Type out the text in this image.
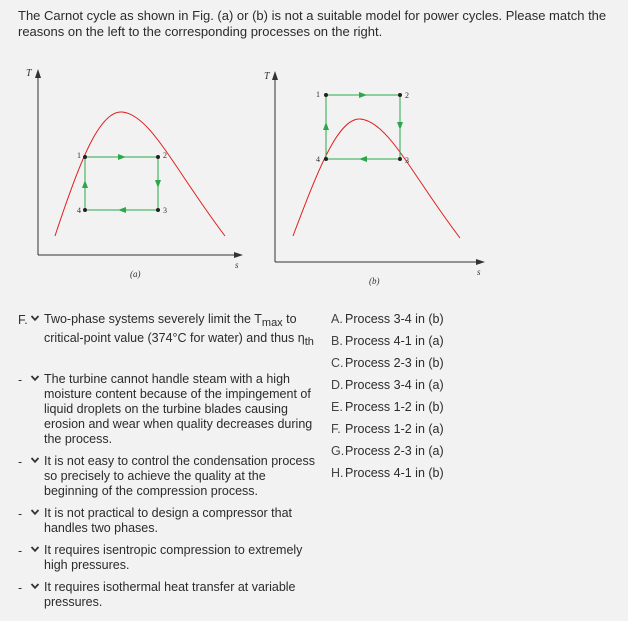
The Carnot cycle as shown in Fig. (a) or (b) is not a suitable model for power cycles. Please match the reasons on the left to the corresponding processes on the right.
T
s
1	2
3
4
(a)
T
s
1	2
3
4
(b)
F. Two-phase systems severely limit the $T_{max}$ to critical-point value (374°C for water) and thus $\eta_{th}$
-	The turbine cannot handle steam with a high moisture content because of the impingement of liquid droplets on the turbine blades causing erosion and wear when quality decreases during the process.
-	It is not easy to control the condensation process so precisely to achieve the quality at the beginning of the compression process.
-	It is not practical to design a compressor that handles two phases.
-	It requires isentropic compression to extremely high pressures.
-	It requires isothermal heat transfer at variable pressures.
A. Process 3-4 in (b)
B. Process 4-1 in (a)
C. Process 2-3 in (b)
D. Process 3-4 in (a)
E. Process 1-2 in (b)
F. Process 1-2 in (a)
G. Process 2-3 in (a)
H. Process 4-1 in (b)
